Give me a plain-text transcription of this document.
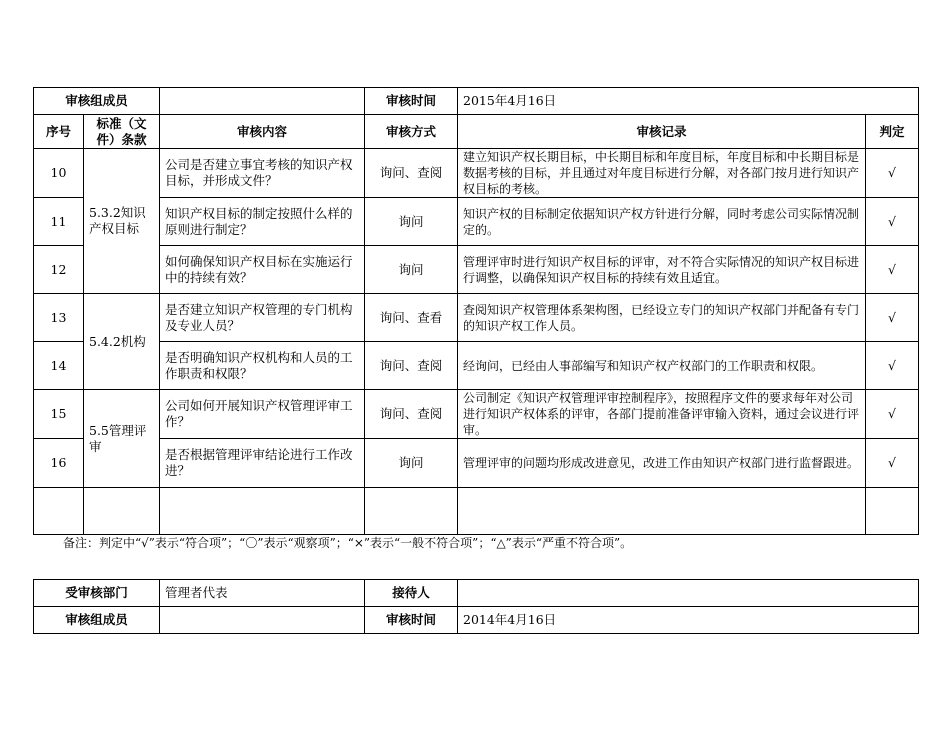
审核组成员			审核时间	2015年4月16日	
序号	标准（文件）条款	审核内容	审核方式	审核记录	判定
10	5.3.2知识产权目标	公司是否建立事宜考核的知识产权目标，并形成文件？	询问、查阅	建立知识产权长期目标，中长期目标和年度目标，年度目标和中长期目标是数据考核的目标，并且通过对年度目标进行分解，对各部门按月进行知识产权目标的考核。	√
11		知识产权目标的制定按照什么样的原则进行制定？	询问	知识产权的目标制定依据知识产权方针进行分解，同时考虑公司实际情况制定的。	√
12		如何确保知识产权目标在实施运行中的持续有效？	询问	管理评审时进行知识产权目标的评审，对不符合实际情况的知识产权目标进行调整，以确保知识产权目标的持续有效且适宜。	√
13	5.4.2机构	是否建立知识产权管理的专门机构及专业人员？	询问、查看	查阅知识产权管理体系架构图，已经设立专门的知识产权部门并配备有专门的知识产权工作人员。	√
14		是否明确知识产权机构和人员的工作职责和权限？	询问、查阅	经询问，已经由人事部编写和知识产权产权部门的工作职责和权限。	√
15	5.5管理评审	公司如何开展知识产权管理评审工作？	询问、查阅	公司制定《知识产权管理评审控制程序》，按照程序文件的要求每年对公司进行知识产权体系的评审，各部门提前准备评审输入资料，通过会议进行评审。	√
16		是否根据管理评审结论进行工作改进？	询问	管理评审的问题均形成改进意见，改进工作由知识产权部门进行监督跟进。	√

备注：判定中“√”表示“符合项”；“〇”表示“观察项”；“×”表示“一般不符合项”；“△”表示“严重不符合项”。
受审核部门	管理者代表	接待人	
审核组成员		审核时间	2014年4月16日
